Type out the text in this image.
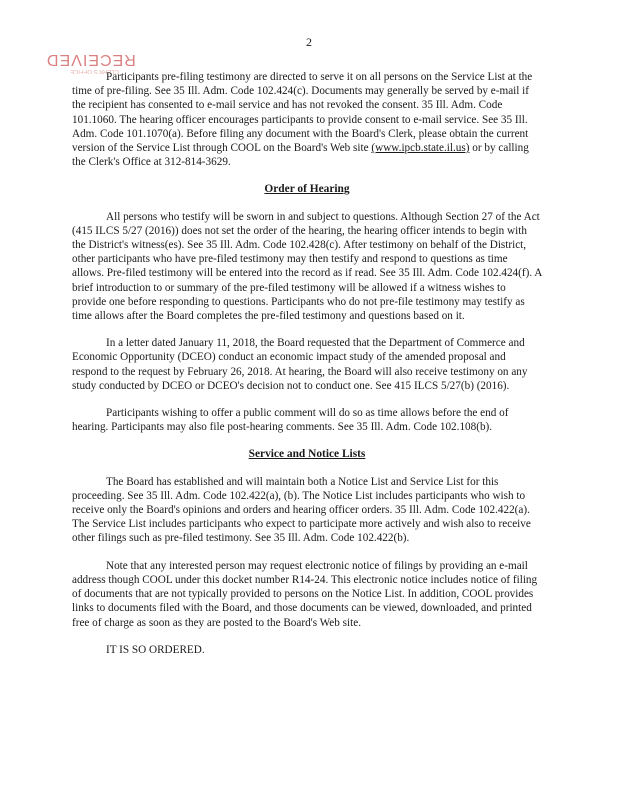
2
RECEIVED
CLERK'S OFFICE

Participants pre-filing testimony are directed to serve it on all persons on the Service List at the time of pre-filing. See 35 Ill. Adm. Code 102.424(c). Documents may generally be served by e-mail if the recipient has consented to e-mail service and has not revoked the consent. 35 Ill. Adm. Code 101.1060. The hearing officer encourages participants to provide consent to e-mail service. See 35 Ill. Adm. Code 101.1070(a). Before filing any document with the Board's Clerk, please obtain the current version of the Service List through COOL on the Board's Web site (www.ipcb.state.il.us) or by calling the Clerk's Office at 312-814-3629.

Order of Hearing

All persons who testify will be sworn in and subject to questions. Although Section 27 of the Act (415 ILCS 5/27 (2016)) does not set the order of the hearing, the hearing officer intends to begin with the District's witness(es). See 35 Ill. Adm. Code 102.428(c). After testimony on behalf of the District, other participants who have pre-filed testimony may then testify and respond to questions as time allows. Pre-filed testimony will be entered into the record as if read. See 35 Ill. Adm. Code 102.424(f). A brief introduction to or summary of the pre-filed testimony will be allowed if a witness wishes to provide one before responding to questions. Participants who do not pre-file testimony may testify as time allows after the Board completes the pre-filed testimony and questions based on it.

In a letter dated January 11, 2018, the Board requested that the Department of Commerce and Economic Opportunity (DCEO) conduct an economic impact study of the amended proposal and respond to the request by February 26, 2018. At hearing, the Board will also receive testimony on any study conducted by DCEO or DCEO's decision not to conduct one. See 415 ILCS 5/27(b) (2016).

Participants wishing to offer a public comment will do so as time allows before the end of hearing. Participants may also file post-hearing comments. See 35 Ill. Adm. Code 102.108(b).

Service and Notice Lists

The Board has established and will maintain both a Notice List and Service List for this proceeding. See 35 Ill. Adm. Code 102.422(a), (b). The Notice List includes participants who wish to receive only the Board's opinions and orders and hearing officer orders. 35 Ill. Adm. Code 102.422(a). The Service List includes participants who expect to participate more actively and wish also to receive other filings such as pre-filed testimony. See 35 Ill. Adm. Code 102.422(b).

Note that any interested person may request electronic notice of filings by providing an e-mail address though COOL under this docket number R14-24. This electronic notice includes notice of filing of documents that are not typically provided to persons on the Notice List. In addition, COOL provides links to documents filed with the Board, and those documents can be viewed, downloaded, and printed free of charge as soon as they are posted to the Board's Web site.

IT IS SO ORDERED.
